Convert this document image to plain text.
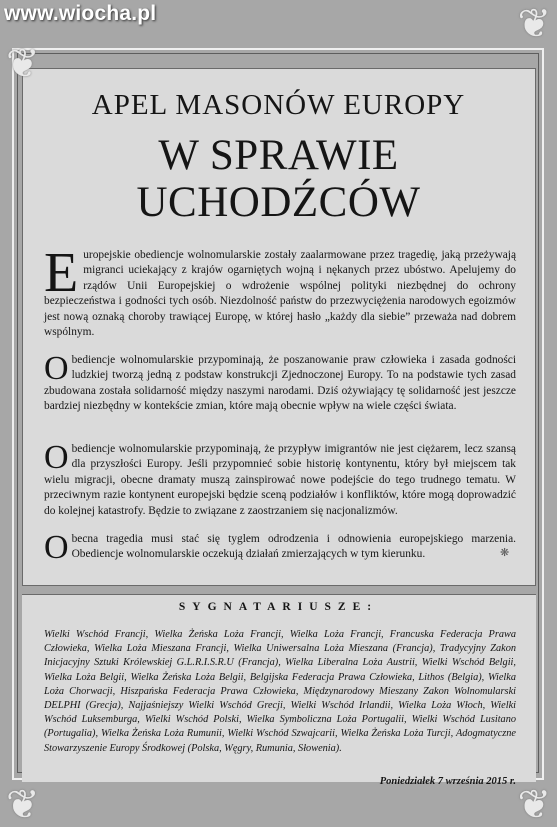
www.wiocha.pl
❦
❦
❦	❦
APEL MASONÓW EUROPY
W SPRAWIE
UCHODŹCÓW
Europejskie obediencje wolnomularskie zostały zaalarmowane przez tragedię, jaką przeżywają migranci uciekający z krajów ogarniętych wojną i nękanych przez ubóstwo. Apelujemy do rządów Unii Europejskiej o wdrożenie wspólnej polityki niezbędnej do ochrony bezpieczeństwa i godności tych osób. Niezdolność państw do przezwyciężenia narodowych egoizmów jest nową oznaką choroby trawiącej Europę, w której hasło „każdy dla siebie” przeważa nad dobrem wspólnym.
Obediencje wolnomularskie przypominają, że poszanowanie praw człowieka i zasada godności ludzkiej tworzą jedną z podstaw konstrukcji Zjednoczonej Europy. To na podstawie tych zasad zbudowana została solidarność między naszymi narodami. Dziś ożywiający tę solidarność jest jeszcze bardziej niezbędny w kontekście zmian, które mają obecnie wpływ na wiele części świata.
Obediencje wolnomularskie przypominają, że przypływ imigrantów nie jest ciężarem, lecz szansą dla przyszłości Europy. Jeśli przypomnieć sobie historię kontynentu, który był miejscem tak wielu migracji, obecne dramaty muszą zainspirować nowe podejście do tego trudnego tematu. W przeciwnym razie kontynent europejski będzie sceną podziałów i konfliktów, które mogą doprowadzić do kolejnej katastrofy. Będzie to związane z zaostrzaniem się nacjonalizmów.
Obecna tragedia musi stać się tyglem odrodzenia i odnowienia europejskiego marzenia. Obediencje wolnomularskie oczekują działań zmierzających w tym kierunku.	❋
SYGNATARIUSZE:
Wielki Wschód Francji, Wielka Żeńska Loża Francji, Wielka Loża Francji, Francuska Federacja Prawa Człowieka, Wielka Loża Mieszana Francji, Wielka Uniwersalna Loża Mieszana (Francja), Tradycyjny Zakon Inicjacyjny Sztuki Królewskiej G.L.R.I.S.R.U (Francja), Wielka Liberalna Loża Austrii, Wielki Wschód Belgii, Wielka Loża Belgii, Wielka Żeńska Loża Belgii, Belgijska Federacja Prawa Człowieka, Lithos (Belgia), Wielka Loża Chorwacji, Hiszpańska Federacja Prawa Człowieka, Międzynarodowy Mieszany Zakon Wolnomularski DELPHI (Grecja), Najjaśniejszy Wielki Wschód Grecji, Wielki Wschód Irlandii, Wielka Loża Włoch, Wielki Wschód Luksemburga, Wielki Wschód Polski, Wielka Symboliczna Loża Portugalii, Wielki Wschód Lusitano (Portugalia), Wielka Żeńska Loża Rumunii, Wielki Wschód Szwajcarii, Wielka Żeńska Loża Turcji, Adogmatyczne Stowarzyszenie Europy Środkowej (Polska, Węgry, Rumunia, Słowenia).
Poniedziałek 7 września 2015 r.
